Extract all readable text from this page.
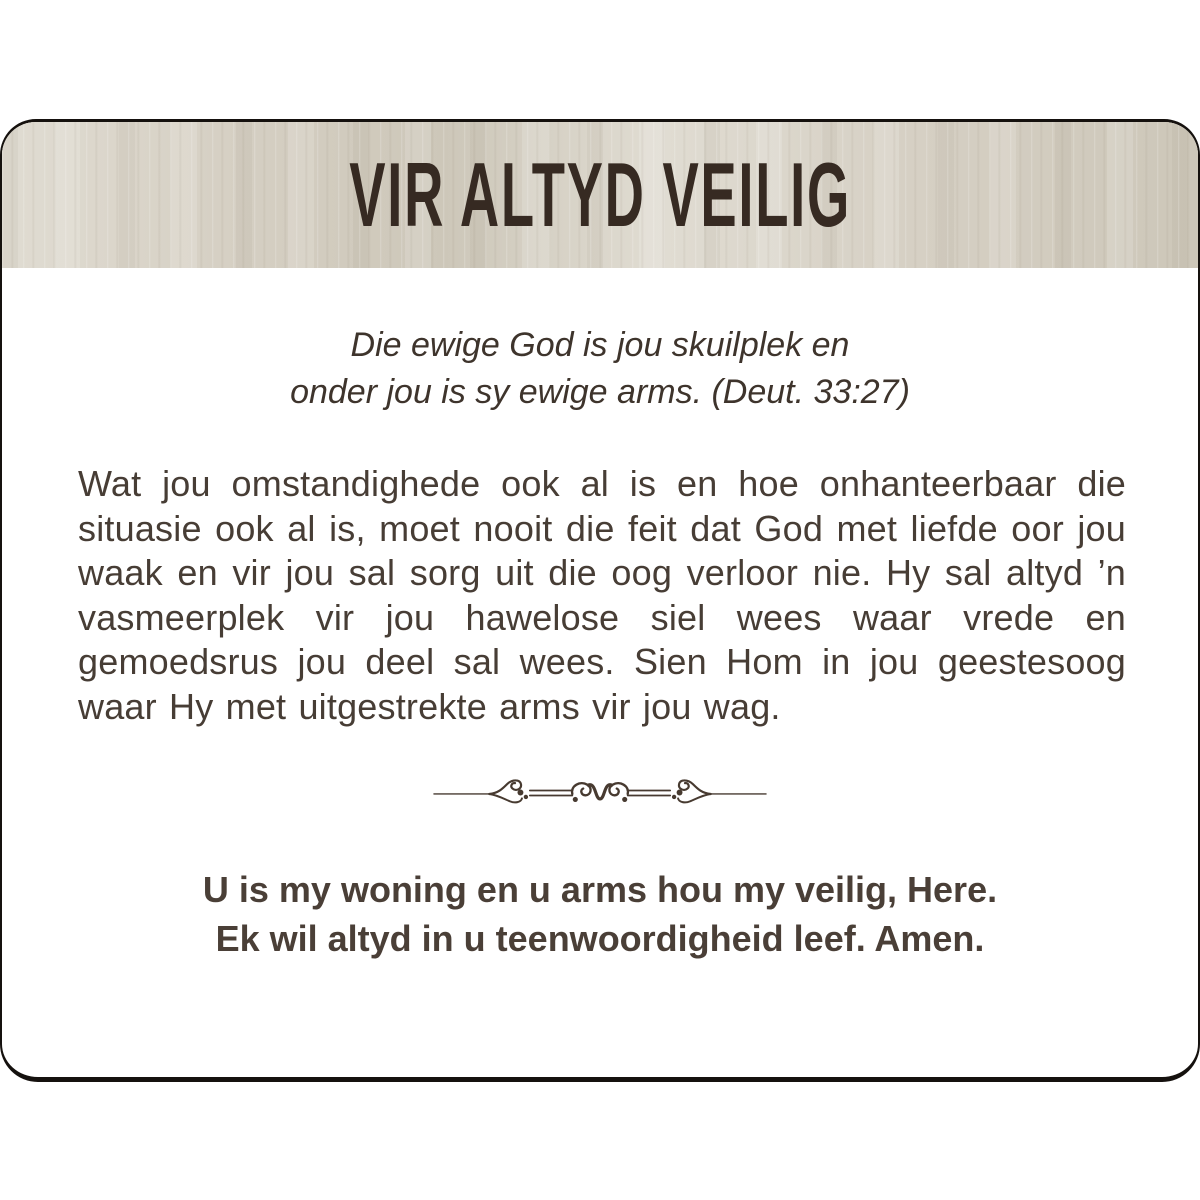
VIR ALTYD VEILIG

Die ewige God is jou skuilplek en

onder jou is sy ewige arms. (Deut. 33:27)

Wat jou omstandighede ook al is en hoe onhanteerbaar die situasie ook al is, moet nooit die feit dat God met liefde oor jou waak en vir jou sal sorg uit die oog verloor nie. Hy sal altyd ’n vasmeerplek vir jou hawelose siel wees waar vrede en gemoedsrus jou deel sal wees. Sien Hom in jou geestesoog waar Hy met uitgestrekte arms vir jou wag.

U is my woning en u arms hou my veilig, Here.

Ek wil altyd in u teenwoordigheid leef. Amen.
